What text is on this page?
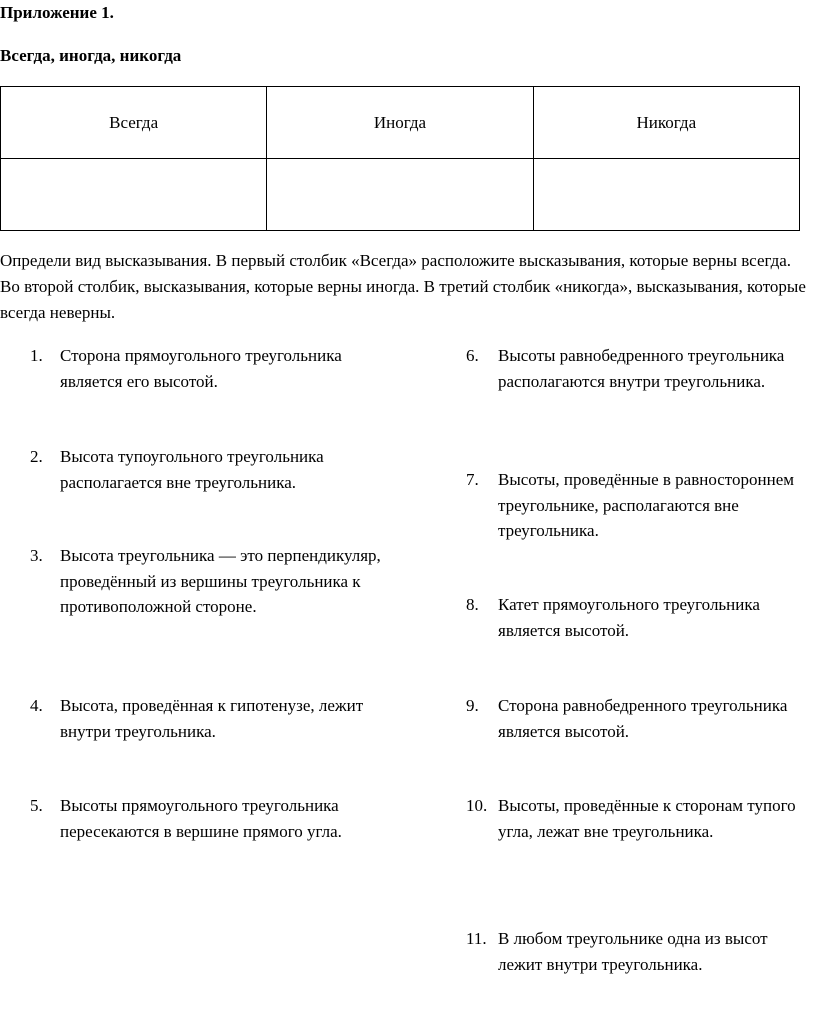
Приложение 1.
Всегда, иногда, никогда
Всегда	Иногда	Никогда

Определи вид высказывания. В первый столбик «Всегда» расположите высказывания, которые верны всегда. Во второй столбик, высказывания, которые верны иногда. В третий столбик «никогда», высказывания, которые всегда неверны.
1. Сторона прямоугольного треугольника является его высотой.
2. Высота тупоугольного треугольника располагается вне треугольника.
3. Высота треугольника — это перпендикуляр, проведённый из вершины треугольника к противоположной стороне.
4. Высота, проведённая к гипотенузе, лежит внутри треугольника.
5. Высоты прямоугольного треугольника пересекаются в вершине прямого угла.
6. Высоты равнобедренного треугольника располагаются внутри треугольника.
7. Высоты, проведённые в равностороннем треугольнике, располагаются вне треугольника.
8. Катет прямоугольного треугольника является высотой.
9. Сторона равнобедренного треугольника является высотой.
10. Высоты, проведённые к сторонам тупого угла, лежат вне треугольника.
11. В любом треугольнике одна из высот лежит внутри треугольника.
